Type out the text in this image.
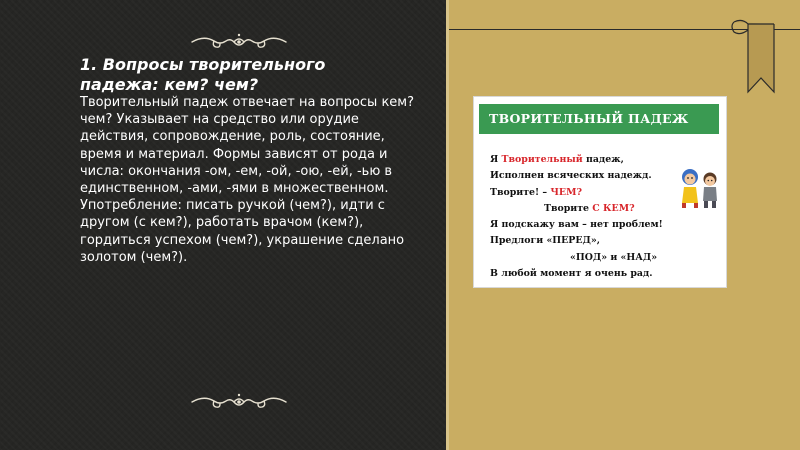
1. Вопросы творительного падежа: кем? чем?
Творительный падеж отвечает на вопросы кем? чем? Указывает на средство или орудие действия, сопровождение, роль, состояние, время и материал. Формы зависят от рода и числа: окончания -ом, -ем, -ой, -ою, -ей, -ью в единственном, -ами, -ями в множественном. Употребление: писать ручкой (чем?), идти с другом (с кем?), работать врачом (кем?), гордиться успехом (чем?), украшение сделано золотом (чем?).
ТВОРИТЕЛЬНЫЙ ПАДЕЖ
Я Творительный падеж,
Исполнен всяческих надежд.
Творите! – ЧЕМ?
Творите С КЕМ?
Я подскажу вам – нет проблем!
Предлоги «ПЕРЕД»,
«ПОД» и «НАД»
В любой момент я очень рад.
